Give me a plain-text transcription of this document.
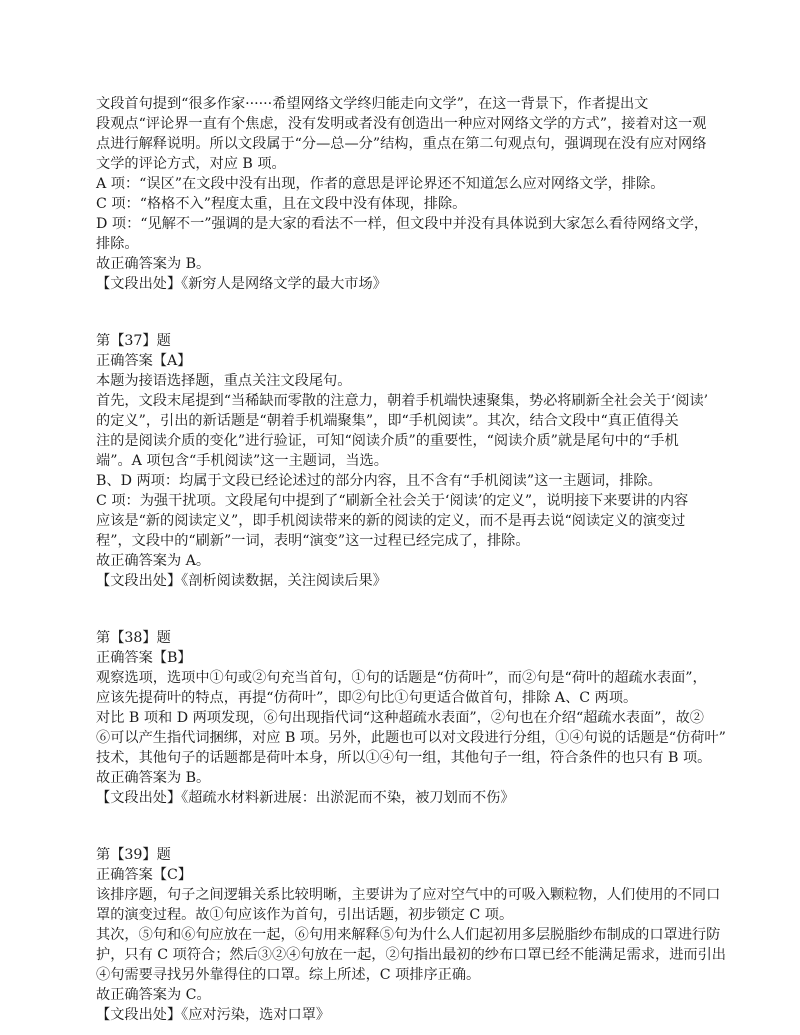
文段首句提到“很多作家······希望网络文学终归能走向文学”，在这一背景下，作者提出文
段观点“评论界一直有个焦虑，没有发明或者没有创造出一种应对网络文学的方式”，接着对这一观
点进行解释说明。所以文段属于“分—总—分”结构，重点在第二句观点句，强调现在没有应对网络
文学的评论方式，对应 B 项。
A 项：“误区”在文段中没有出现，作者的意思是评论界还不知道怎么应对网络文学，排除。
C 项：“格格不入”程度太重，且在文段中没有体现，排除。
D 项：“见解不一”强调的是大家的看法不一样，但文段中并没有具体说到大家怎么看待网络文学，
排除。
故正确答案为 B。
【文段出处】《新穷人是网络文学的最大市场》
第【37】题
正确答案【A】
本题为接语选择题，重点关注文段尾句。
首先，文段末尾提到“当稀缺而零散的注意力，朝着手机端快速聚集，势必将刷新全社会关于‘阅读’
的定义”，引出的新话题是“朝着手机端聚集”，即“手机阅读”。其次，结合文段中“真正值得关
注的是阅读介质的变化”进行验证，可知“阅读介质”的重要性，“阅读介质”就是尾句中的“手机
端”。A 项包含“手机阅读”这一主题词，当选。
B、D 两项：均属于文段已经论述过的部分内容，且不含有“手机阅读”这一主题词，排除。
C 项：为强干扰项。文段尾句中提到了“刷新全社会关于‘阅读’的定义”，说明接下来要讲的内容
应该是“新的阅读定义”，即手机阅读带来的新的阅读的定义，而不是再去说“阅读定义的演变过
程”，文段中的“刷新”一词，表明“演变”这一过程已经完成了，排除。
故正确答案为 A。
【文段出处】《剖析阅读数据，关注阅读后果》
第【38】题
正确答案【B】
观察选项，选项中①句或②句充当首句，①句的话题是“仿荷叶”，而②句是“荷叶的超疏水表面”，
应该先提荷叶的特点，再提“仿荷叶”，即②句比①句更适合做首句，排除 A、C 两项。
对比 B 项和 D 两项发现，⑥句出现指代词“这种超疏水表面”，②句也在介绍“超疏水表面”，故②
⑥可以产生指代词捆绑，对应 B 项。另外，此题也可以对文段进行分组，①④句说的话题是“仿荷叶”
技术，其他句子的话题都是荷叶本身，所以①④句一组，其他句子一组，符合条件的也只有 B 项。
故正确答案为 B。
【文段出处】《超疏水材料新进展：出淤泥而不染，被刀划而不伤》
第【39】题
正确答案【C】
该排序题，句子之间逻辑关系比较明晰，主要讲为了应对空气中的可吸入颗粒物，人们使用的不同口
罩的演变过程。故①句应该作为首句，引出话题，初步锁定 C 项。
其次，⑤句和⑥句应放在一起，⑥句用来解释⑤句为什么人们起初用多层脱脂纱布制成的口罩进行防
护，只有 C 项符合；然后③②④句放在一起，②句指出最初的纱布口罩已经不能满足需求，进而引出
④句需要寻找另外靠得住的口罩。综上所述，C 项排序正确。
故正确答案为 C。
【文段出处】《应对污染，选对口罩》
